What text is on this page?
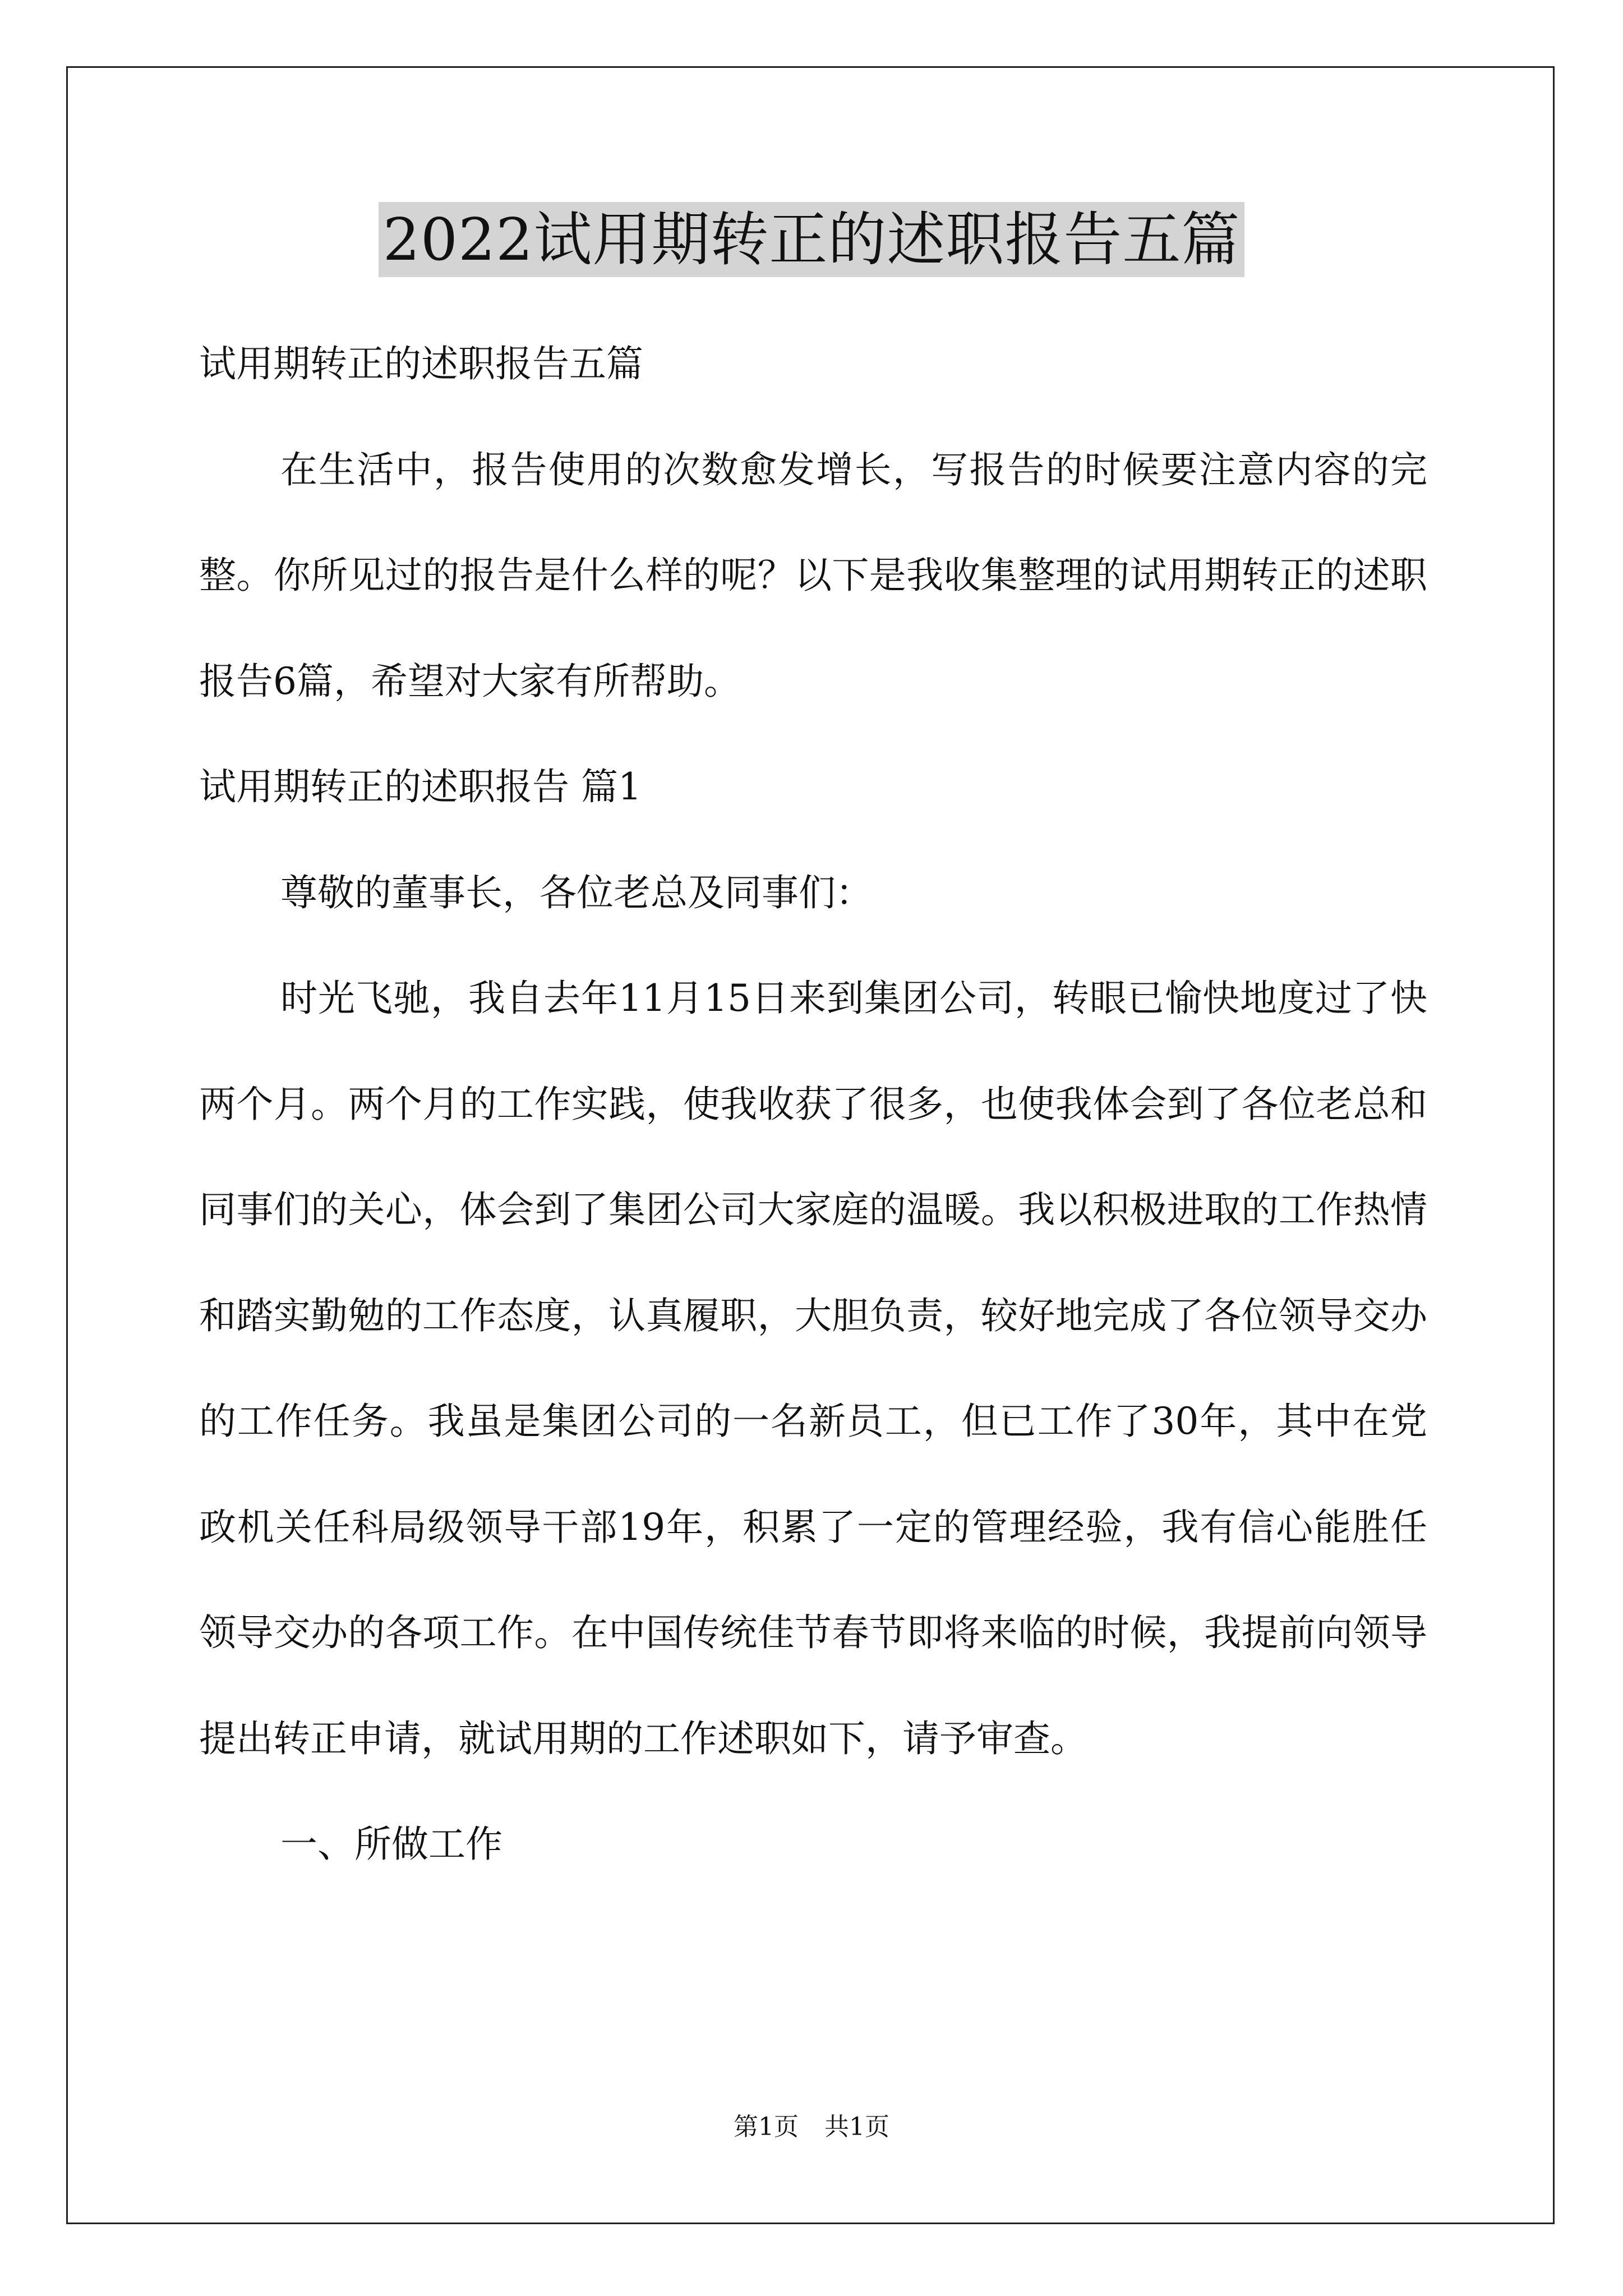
2022试用期转正的述职报告五篇

试用期转正的述职报告五篇

在生活中，报告使用的次数愈发增长，写报告的时候要注意内容的完整。你所见过的报告是什么样的呢？以下是我收集整理的试用期转正的述职报告6篇，希望对大家有所帮助。

试用期转正的述职报告 篇1

尊敬的董事长，各位老总及同事们：

时光飞驰，我自去年11月15日来到集团公司，转眼已愉快地度过了快两个月。两个月的工作实践，使我收获了很多，也使我体会到了各位老总和同事们的关心，体会到了集团公司大家庭的温暖。我以积极进取的工作热情和踏实勤勉的工作态度，认真履职，大胆负责，较好地完成了各位领导交办的工作任务。我虽是集团公司的一名新员工，但已工作了30年，其中在党政机关任科局级领导干部19年，积累了一定的管理经验，我有信心能胜任领导交办的各项工作。在中国传统佳节春节即将来临的时候，我提前向领导提出转正申请，就试用期的工作述职如下，请予审查。

一、所做工作

第1页 共1页
